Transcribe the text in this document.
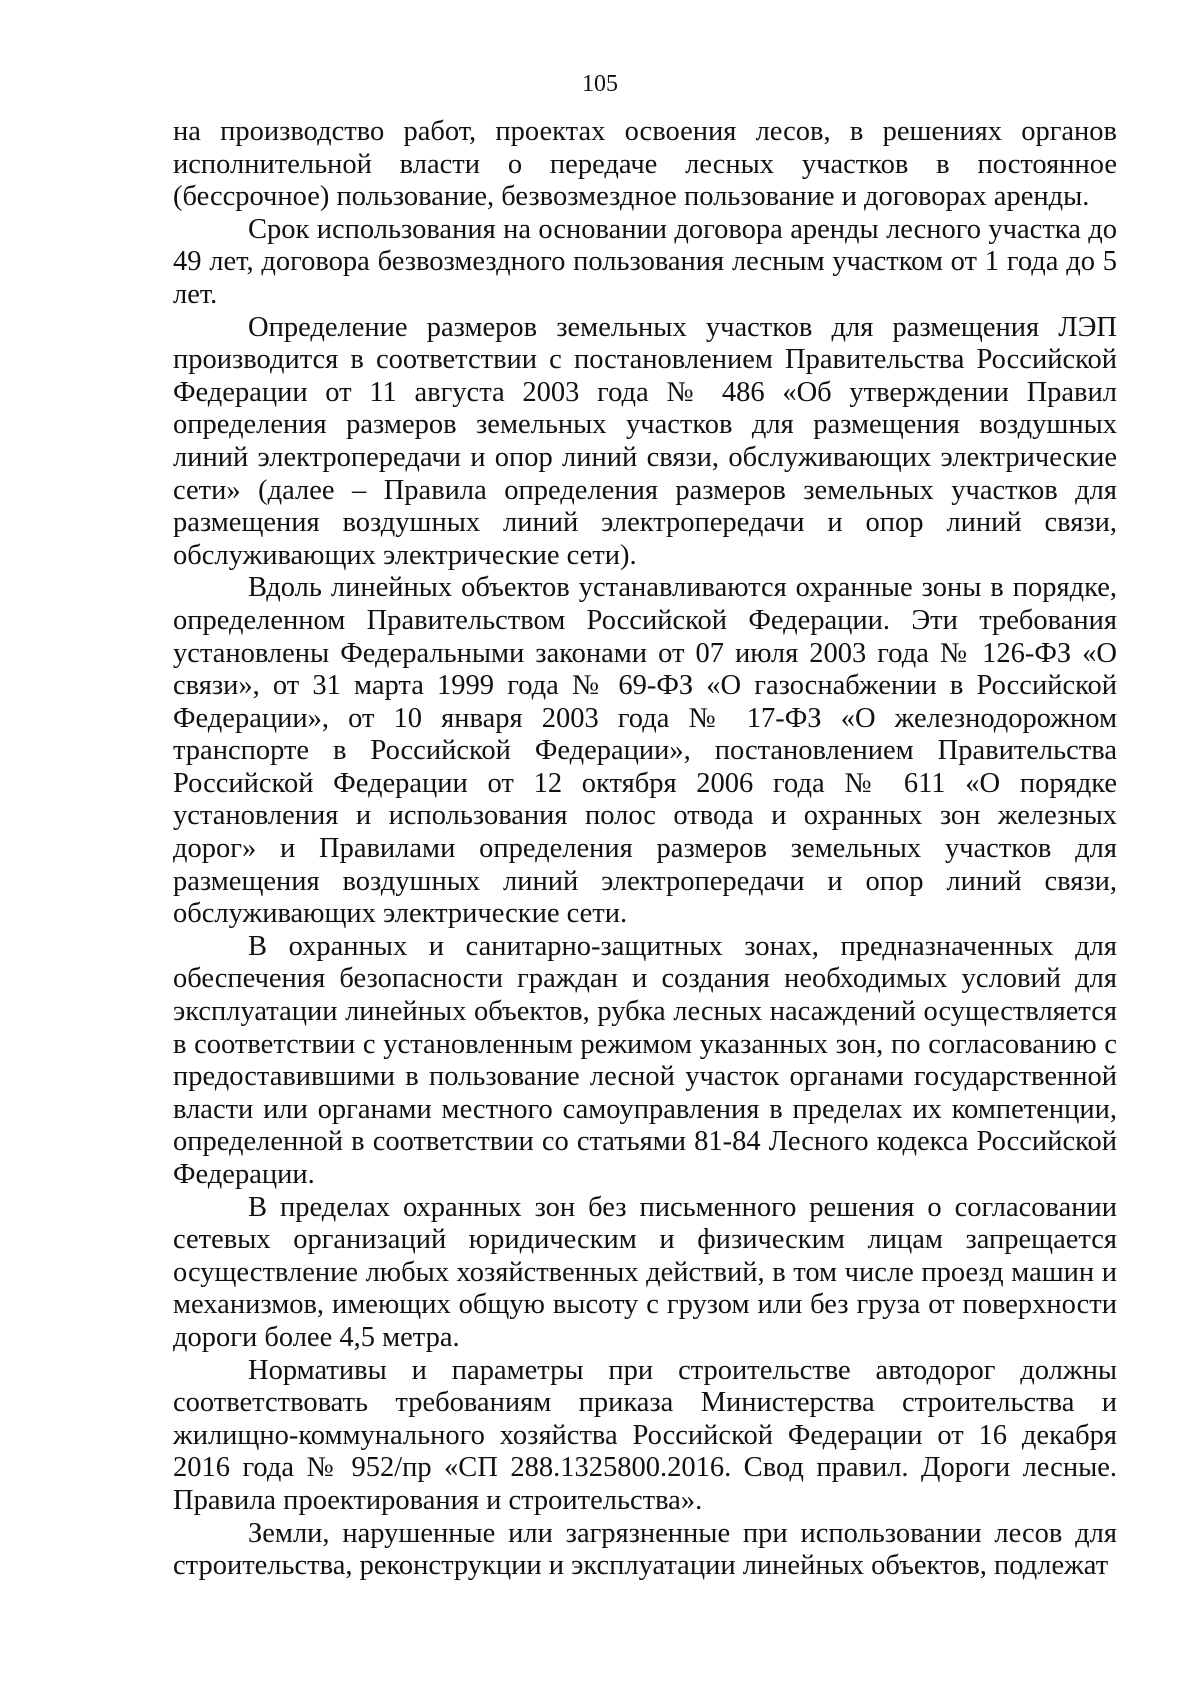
105

на производство работ, проектах освоения лесов, в решениях органов исполнительной власти о передаче лесных участков в постоянное (бессрочное) пользование, безвозмездное пользование и договорах аренды.

Срок использования на основании договора аренды лесного участка до 49 лет, договора безвозмездного пользования лесным участком от 1 года до 5 лет.

Определение размеров земельных участков для размещения ЛЭП производится в соответствии с постановлением Правительства Российской Федерации от 11 августа 2003 года № 486 «Об утверждении Правил определения размеров земельных участков для размещения воздушных линий электропередачи и опор линий связи, обслуживающих электрические сети» (далее – Правила определения размеров земельных участков для размещения воздушных линий электропередачи и опор линий связи, обслуживающих электрические сети).

Вдоль линейных объектов устанавливаются охранные зоны в порядке, определенном Правительством Российской Федерации. Эти требования установлены Федеральными законами от 07 июля 2003 года № 126-ФЗ «О связи», от 31 марта 1999 года № 69-ФЗ «О газоснабжении в Российской Федерации», от 10 января 2003 года № 17-ФЗ «О железнодорожном транспорте в Российской Федерации», постановлением Правительства Российской Федерации от 12 октября 2006 года № 611 «О порядке установления и использования полос отвода и охранных зон железных дорог» и Правилами определения размеров земельных участков для размещения воздушных линий электропередачи и опор линий связи, обслуживающих электрические сети.

В охранных и санитарно-защитных зонах, предназначенных для обеспечения безопасности граждан и создания необходимых условий для эксплуатации линейных объектов, рубка лесных насаждений осуществляется в соответствии с установленным режимом указанных зон, по согласованию с предоставившими в пользование лесной участок органами государственной власти или органами местного самоуправления в пределах их компетенции, определенной в соответствии со статьями 81-84 Лесного кодекса Российской Федерации.

В пределах охранных зон без письменного решения о согласовании сетевых организаций юридическим и физическим лицам запрещается осуществление любых хозяйственных действий, в том числе проезд машин и механизмов, имеющих общую высоту с грузом или без груза от поверхности дороги более 4,5 метра.

Нормативы и параметры при строительстве автодорог должны соответствовать требованиям приказа Министерства строительства и жилищно-коммунального хозяйства Российской Федерации от 16 декабря 2016 года № 952/пр «СП 288.1325800.2016. Свод правил. Дороги лесные. Правила проектирования и строительства».

Земли, нарушенные или загрязненные при использовании лесов для строительства, реконструкции и эксплуатации линейных объектов, подлежат
